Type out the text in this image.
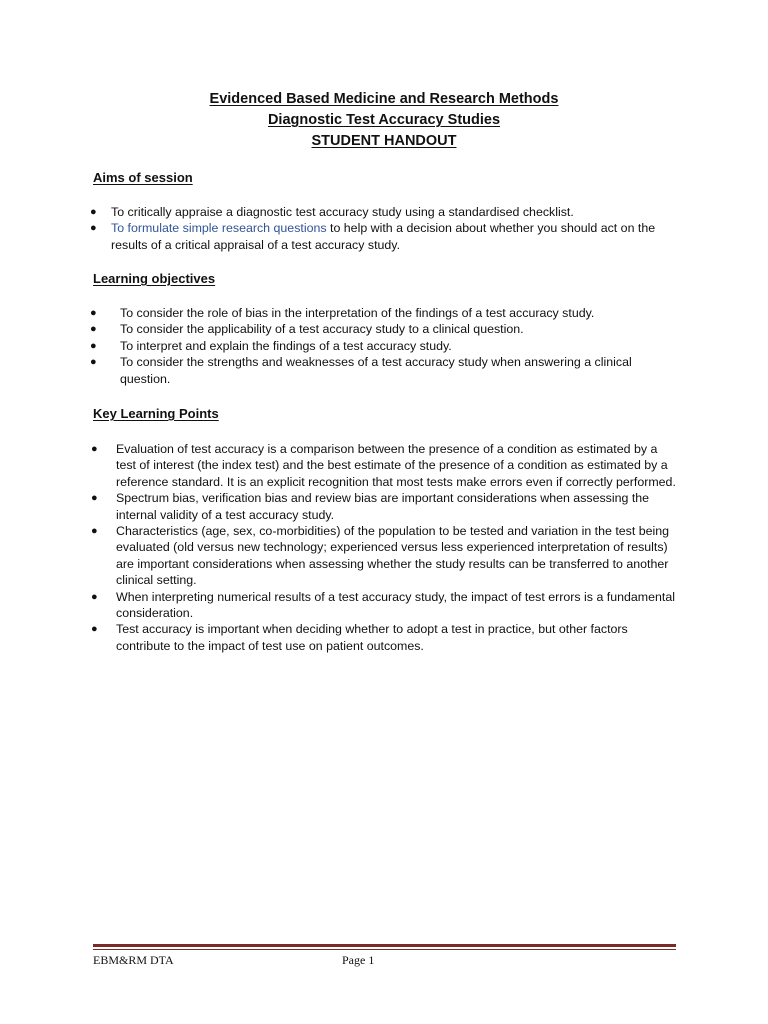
Evidenced Based Medicine and Research Methods
Diagnostic Test Accuracy Studies
STUDENT HANDOUT
Aims of session
● To critically appraise a diagnostic test accuracy study using a standardised checklist.
● To formulate simple research questions to help with a decision about whether you should act on the results of a critical appraisal of a test accuracy study.
Learning objectives
● To consider the role of bias in the interpretation of the findings of a test accuracy study.
● To consider the applicability of a test accuracy study to a clinical question.
● To interpret and explain the findings of a test accuracy study.
● To consider the strengths and weaknesses of a test accuracy study when answering a clinical question.
Key Learning Points
● Evaluation of test accuracy is a comparison between the presence of a condition as estimated by a test of interest (the index test) and the best estimate of the presence of a condition as estimated by a reference standard. It is an explicit recognition that most tests make errors even if correctly performed.
● Spectrum bias, verification bias and review bias are important considerations when assessing the internal validity of a test accuracy study.
● Characteristics (age, sex, co-morbidities) of the population to be tested and variation in the test being evaluated (old versus new technology; experienced versus less experienced interpretation of results) are important considerations when assessing whether the study results can be transferred to another clinical setting.
● When interpreting numerical results of a test accuracy study, the impact of test errors is a fundamental consideration.
● Test accuracy is important when deciding whether to adopt a test in practice, but other factors contribute to the impact of test use on patient outcomes.
EBM&RM DTA	Page 1
